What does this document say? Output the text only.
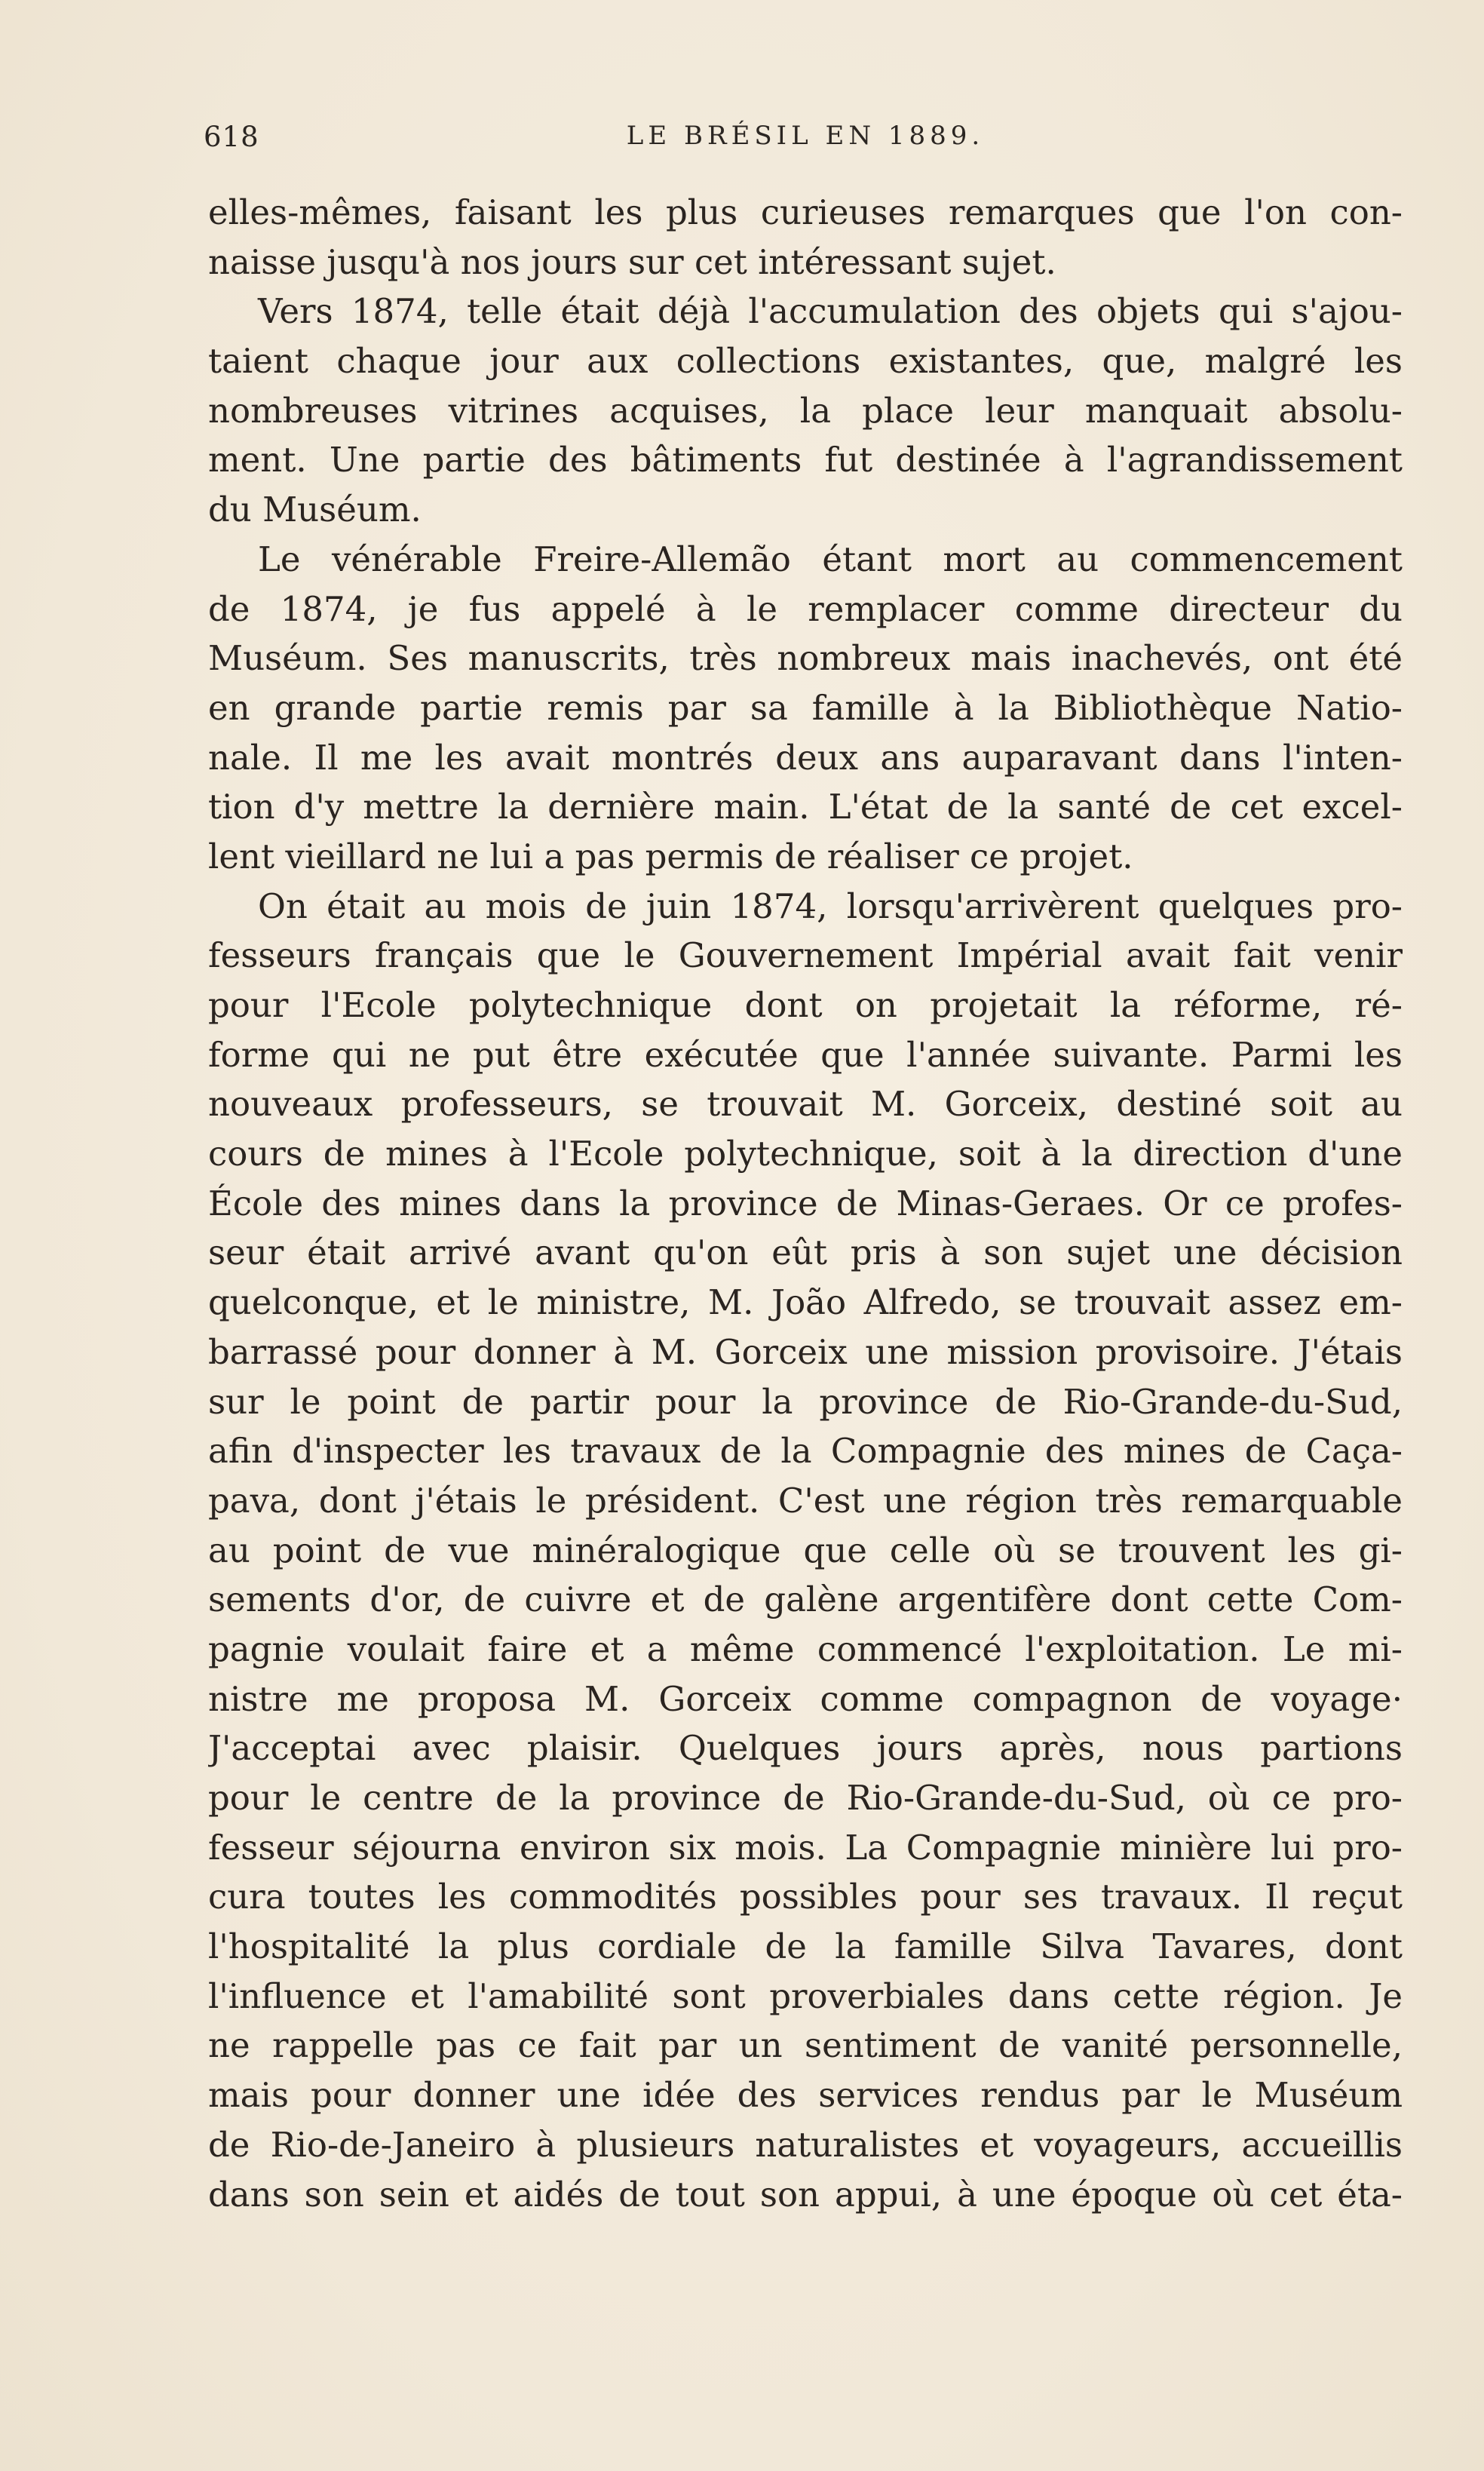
618	LE BRÉSIL EN 1889.
elles-mêmes, faisant les plus curieuses remarques que l'on con-
naisse jusqu'à nos jours sur cet intéressant sujet.
Vers 1874, telle était déjà l'accumulation des objets qui s'ajou-
taient chaque jour aux collections existantes, que, malgré les
nombreuses vitrines acquises, la place leur manquait absolu-
ment. Une partie des bâtiments fut destinée à l'agrandissement
du Muséum.
Le vénérable Freire-Allemão étant mort au commencement
de 1874, je fus appelé à le remplacer comme directeur du
Muséum. Ses manuscrits, très nombreux mais inachevés, ont été
en grande partie remis par sa famille à la Bibliothèque Natio-
nale. Il me les avait montrés deux ans auparavant dans l'inten-
tion d'y mettre la dernière main. L'état de la santé de cet excel-
lent vieillard ne lui a pas permis de réaliser ce projet.
On était au mois de juin 1874, lorsqu'arrivèrent quelques pro-
fesseurs français que le Gouvernement Impérial avait fait venir
pour l'Ecole polytechnique dont on projetait la réforme, ré-
forme qui ne put être exécutée que l'année suivante. Parmi les
nouveaux professeurs, se trouvait M. Gorceix, destiné soit au
cours de mines à l'Ecole polytechnique, soit à la direction d'une
École des mines dans la province de Minas-Geraes. Or ce profes-
seur était arrivé avant qu'on eût pris à son sujet une décision
quelconque, et le ministre, M. João Alfredo, se trouvait assez em-
barrassé pour donner à M. Gorceix une mission provisoire. J'étais
sur le point de partir pour la province de Rio-Grande-du-Sud,
afin d'inspecter les travaux de la Compagnie des mines de Caça-
pava, dont j'étais le président. C'est une région très remarquable
au point de vue minéralogique que celle où se trouvent les gi-
sements d'or, de cuivre et de galène argentifère dont cette Com-
pagnie voulait faire et a même commencé l'exploitation. Le mi-
nistre me proposa M. Gorceix comme compagnon de voyage·
J'acceptai avec plaisir. Quelques jours après, nous partions
pour le centre de la province de Rio-Grande-du-Sud, où ce pro-
fesseur séjourna environ six mois. La Compagnie minière lui pro-
cura toutes les commodités possibles pour ses travaux. Il reçut
l'hospitalité la plus cordiale de la famille Silva Tavares, dont
l'influence et l'amabilité sont proverbiales dans cette région. Je
ne rappelle pas ce fait par un sentiment de vanité personnelle,
mais pour donner une idée des services rendus par le Muséum
de Rio-de-Janeiro à plusieurs naturalistes et voyageurs, accueillis
dans son sein et aidés de tout son appui, à une époque où cet éta-
